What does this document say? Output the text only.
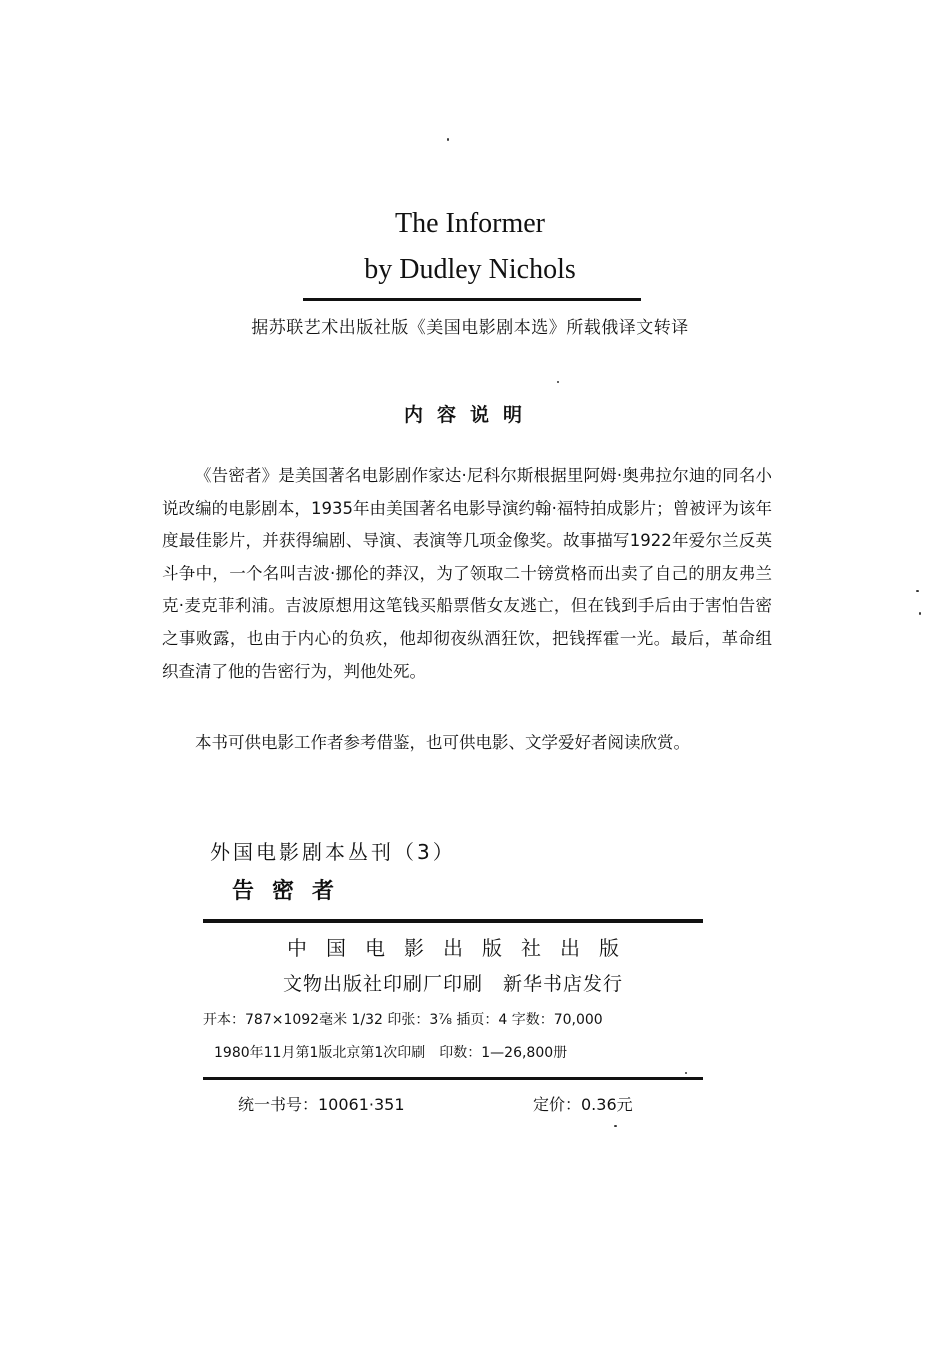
The Informer
by Dudley Nichols
据苏联艺术出版社版《美国电影剧本选》所载俄译文转译
内容说明

《告密者》是美国著名电影剧作家达·尼科尔斯根据里阿姆·奥弗拉尔迪的同名小说改编的电影剧本，1935年由美国著名电影导演约翰·福特拍成影片；曾被评为该年度最佳影片，并获得编剧、导演、表演等几项金像奖。故事描写1922年爱尔兰反英斗争中，一个名叫吉波·挪伦的莽汉，为了领取二十镑赏格而出卖了自己的朋友弗兰克·麦克菲利浦。吉波原想用这笔钱买船票偕女友逃亡，但在钱到手后由于害怕告密之事败露，也由于内心的负疚，他却彻夜纵酒狂饮，把钱挥霍一光。最后，革命组织查清了他的告密行为，判他处死。

本书可供电影工作者参考借鉴，也可供电影、文学爱好者阅读欣赏。

外国电影剧本丛刊（3）
告密者
中国电影出版社出版
文物出版社印刷厂印刷　新华书店发行
开本：787×1092毫米 1/32 印张：3⅞ 插页：4 字数：70,000
1980年11月第1版北京第1次印刷　印数：1—26,800册
统一书号：10061·351	定价：0.36元
